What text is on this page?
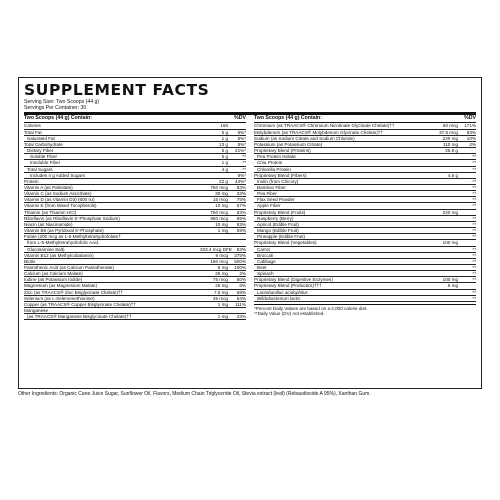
SUPPLEMENT FACTS
Serving Size: Two Scoops (44 g)
Servings Per Container: 30
Two Scoops (44 g) Contain:	%DV
Calories	160
Total Fat	5 g	6%*
Saturated Fat	1 g	5%*
Total Carbohydrate	13 g	5%*
Dietary Fiber	6 g	21%*
Soluble Fiber	5 g	**
Insoluble Fiber	1 g	**
Total Sugars	4 g	**
Includes 4 g Added Sugars	8%*
Protein	22 g	44%*
Vitamin A (as Palmitate)	750 mcg	83%
Vitamin C (as Sodium Ascorbate)	30 mg	33%
Vitamin D (as Vitamin D3) (600 IU)	15 mcg	75%
Vitamin E (from Mixed Tocopherols)	10 mg	67%
Thiamin (as Thiamin HCl)	750 mcg	63%
Riboflavin (as Riboflavin 5'-Phosphate Sodium)	850 mcg	65%
Niacin (as Niacinamide)	10 mg	63%
Vitamin B6 (as Pyridoxal 5'-Phosphate)	1 mg	59%
Folate (200 mcg as L-5-Methyltetrahydrofolate†
from L-5-Methyltetrahydrofolic Acid,
Glucosamine Salt)	333.4 mcg DFE	83%
Vitamin B12 (as Methylcobalamin)	9 mcg	375%
Biotin	150 mcg	500%
Pantothenic Acid (as Calcium Pantothenate)	5 mg	100%
Calcium (as Calcium Malate)	25 mg	2%
Iodine (as Potassium Iodide)	75 mcg	50%
Magnesium (as Magnesium Malate)	25 mg	6%
Zinc (as TRAACS® Zinc Bisglycinate Chelate)††	7.5 mg	68%
Selenium (as L-Selenomethionine)	35 mcg	64%
Copper (as TRAACS® Copper Bisglycinate Chelate)††	1 mg	111%
Manganese
(as TRAACS® Manganese Bisglycinate Chelate)††	1 mg	43%
Two Scoops (44 g) Contain:	%DV
Chromium (as TRAACS® Chromium Nicotinate Glycinate Chelate)††	60 mcg	171%
Molybdenum (as TRAACS® Molybdenum Glycinate Chelate)††	37.5 mcg	83%
Sodium (as Sodium Citrate and Sodium Chloride)	220 mg	10%
Potassium (as Potassium Citrate)	110 mg	2%
Proprietary Blend (Proteins)	25.5 g
Pea Protein Isolate	**
Chia Protein	**
Chlorella Protein	**
Proprietary Blend (Fibers)	4.6 g
Inulin (from Chicory)	**
Bamboo Fiber	**
Pea Fiber	**
Flax Seed Powder	**
Apple Fiber	**
Proprietary Blend (Fruits)	220 mg
Raspberry (Berry)	**
Apricot (Edible Fruit)	**
Mango (Edible Fruit)	**
Pineapple (Edible Fruit)	**
Proprietary Blend (Vegetables)	100 mg
Carrot	**
Broccoli	**
Cabbage	**
Beet	**
Spinach	**
Proprietary Blend (Digestive Enzymes)	100 mg	**
Proprietary Blend (Probiotics)†††	5 mg
Lactobacillus acidophilus	**
Bifidobacterium lactis	**
*Percent Daily Values are based on a 2,000 calorie diet.
**Daily Value (DV) not established.
Other Ingredients: Organic Cane Juice Sugar, Sunflower Oil, Flavors, Medium Chain Triglyceride Oil, Stevia extract (leaf) (Rebaudioside A 95%), Xanthan Gum.
